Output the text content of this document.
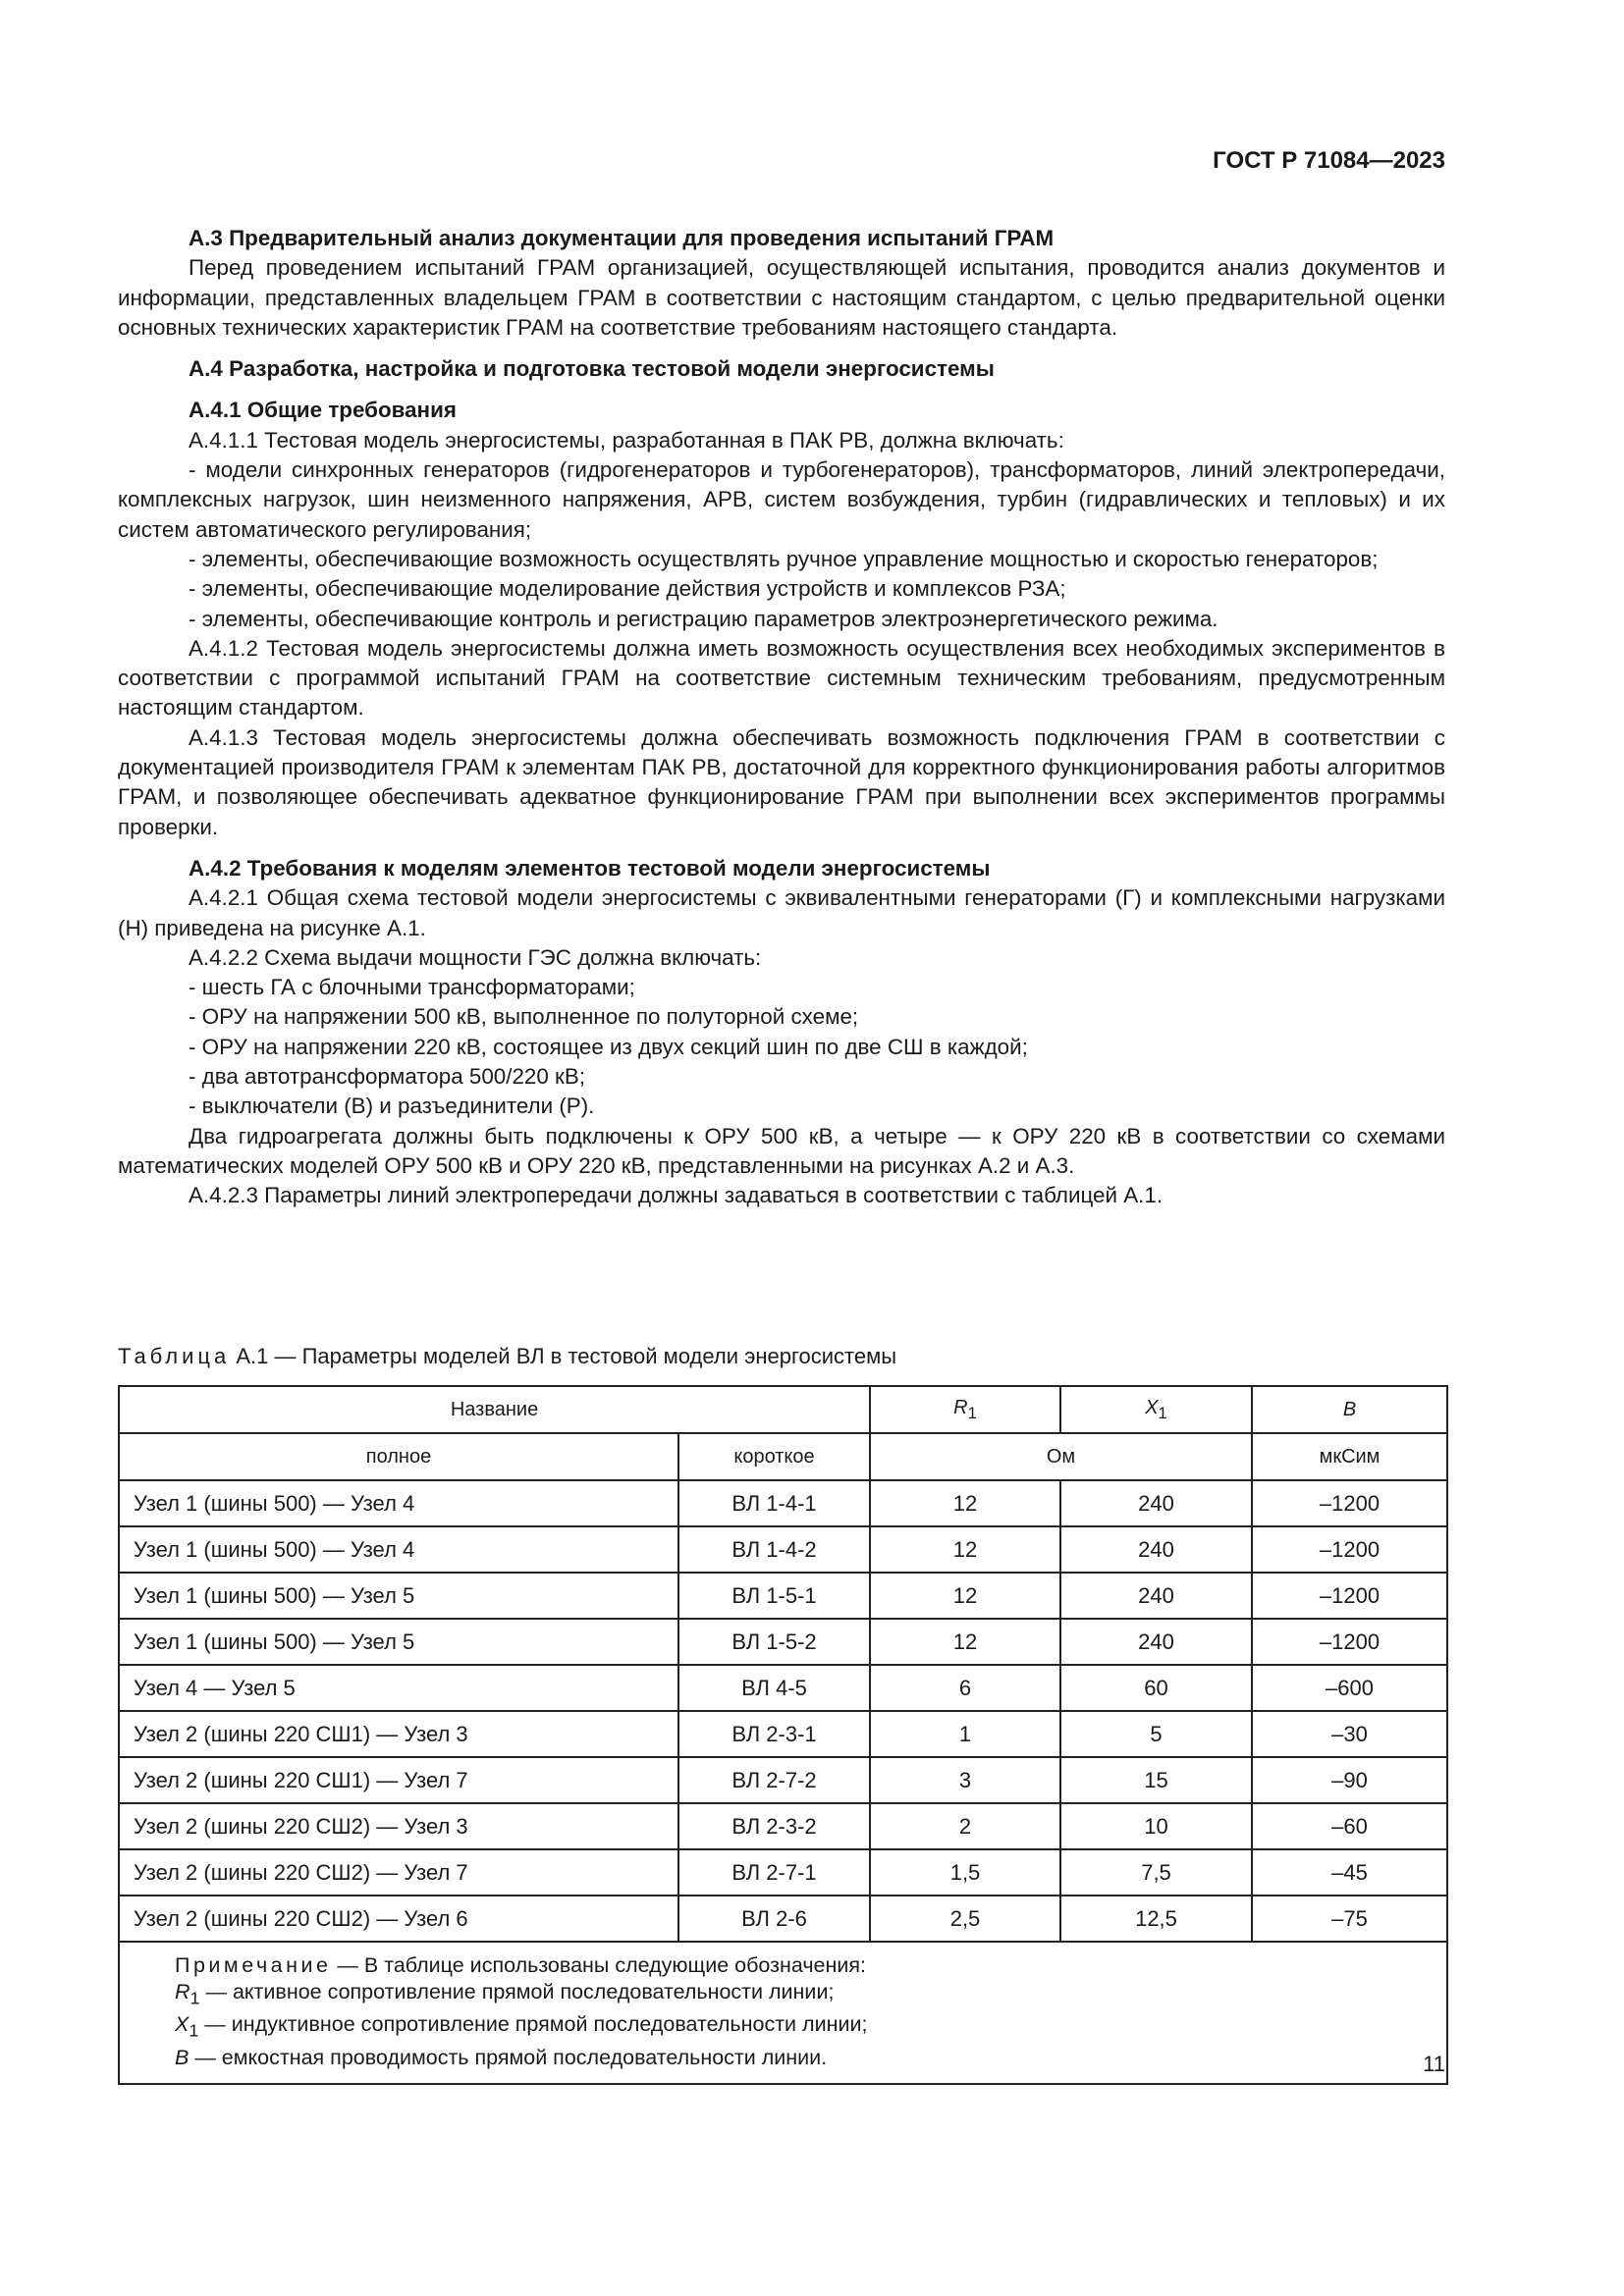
ГОСТ Р 71084—2023

А.3 Предварительный анализ документации для проведения испытаний ГРАМ

Перед проведением испытаний ГРАМ организацией, осуществляющей испытания, проводится анализ документов и информации, представленных владельцем ГРАМ в соответствии с настоящим стандартом, с целью предварительной оценки основных технических характеристик ГРАМ на соответствие требованиям настоящего стандарта.

А.4 Разработка, настройка и подготовка тестовой модели энергосистемы

А.4.1 Общие требования

А.4.1.1 Тестовая модель энергосистемы, разработанная в ПАК РВ, должна включать:

- модели синхронных генераторов (гидрогенераторов и турбогенераторов), трансформаторов, линий электропередачи, комплексных нагрузок, шин неизменного напряжения, АРВ, систем возбуждения, турбин (гидравлических и тепловых) и их систем автоматического регулирования;

- элементы, обеспечивающие возможность осуществлять ручное управление мощностью и скоростью генераторов;

- элементы, обеспечивающие моделирование действия устройств и комплексов РЗА;

- элементы, обеспечивающие контроль и регистрацию параметров электроэнергетического режима.

А.4.1.2 Тестовая модель энергосистемы должна иметь возможность осуществления всех необходимых экспериментов в соответствии с программой испытаний ГРАМ на соответствие системным техническим требованиям, предусмотренным настоящим стандартом.

А.4.1.3 Тестовая модель энергосистемы должна обеспечивать возможность подключения ГРАМ в соответствии с документацией производителя ГРАМ к элементам ПАК РВ, достаточной для корректного функционирования работы алгоритмов ГРАМ, и позволяющее обеспечивать адекватное функционирование ГРАМ при выполнении всех экспериментов программы проверки.

А.4.2 Требования к моделям элементов тестовой модели энергосистемы

А.4.2.1 Общая схема тестовой модели энергосистемы с эквивалентными генераторами (Г) и комплексными нагрузками (Н) приведена на рисунке А.1.

А.4.2.2 Схема выдачи мощности ГЭС должна включать:

- шесть ГА с блочными трансформаторами;

- ОРУ на напряжении 500 кВ, выполненное по полуторной схеме;

- ОРУ на напряжении 220 кВ, состоящее из двух секций шин по две СШ в каждой;

- два автотрансформатора 500/220 кВ;

- выключатели (В) и разъединители (Р).

Два гидроагрегата должны быть подключены к ОРУ 500 кВ, а четыре — к ОРУ 220 кВ в соответствии со схемами математических моделей ОРУ 500 кВ и ОРУ 220 кВ, представленными на рисунках А.2 и А.3.

А.4.2.3 Параметры линий электропередачи должны задаваться в соответствии с таблицей А.1.

Таблица А.1 — Параметры моделей ВЛ в тестовой модели энергосистемы
Название		$R_1$	$X_1$	B
полное	короткое	Ом		мкСим
Узел 1 (шины 500) — Узел 4	ВЛ 1-4-1	12	240	–1200
Узел 1 (шины 500) — Узел 4	ВЛ 1-4-2	12	240	–1200
Узел 1 (шины 500) — Узел 5	ВЛ 1-5-1	12	240	–1200
Узел 1 (шины 500) — Узел 5	ВЛ 1-5-2	12	240	–1200
Узел 4 — Узел 5	ВЛ 4-5	6	60	–600
Узел 2 (шины 220 СШ1) — Узел 3	ВЛ 2-3-1	1	5	–30
Узел 2 (шины 220 СШ1) — Узел 7	ВЛ 2-7-2	3	15	–90
Узел 2 (шины 220 СШ2) — Узел 3	ВЛ 2-3-2	2	10	–60
Узел 2 (шины 220 СШ2) — Узел 7	ВЛ 2-7-1	1,5	7,5	–45
Узел 2 (шины 220 СШ2) — Узел 6	ВЛ 2-6	2,5	12,5	–75

Примечание — В таблице использованы следующие обозначения:
$R_1$ — активное сопротивление прямой последовательности линии;
$X_1$ — индуктивное сопротивление прямой последовательности линии;
B — емкостная проводимость прямой последовательности линии.					11
